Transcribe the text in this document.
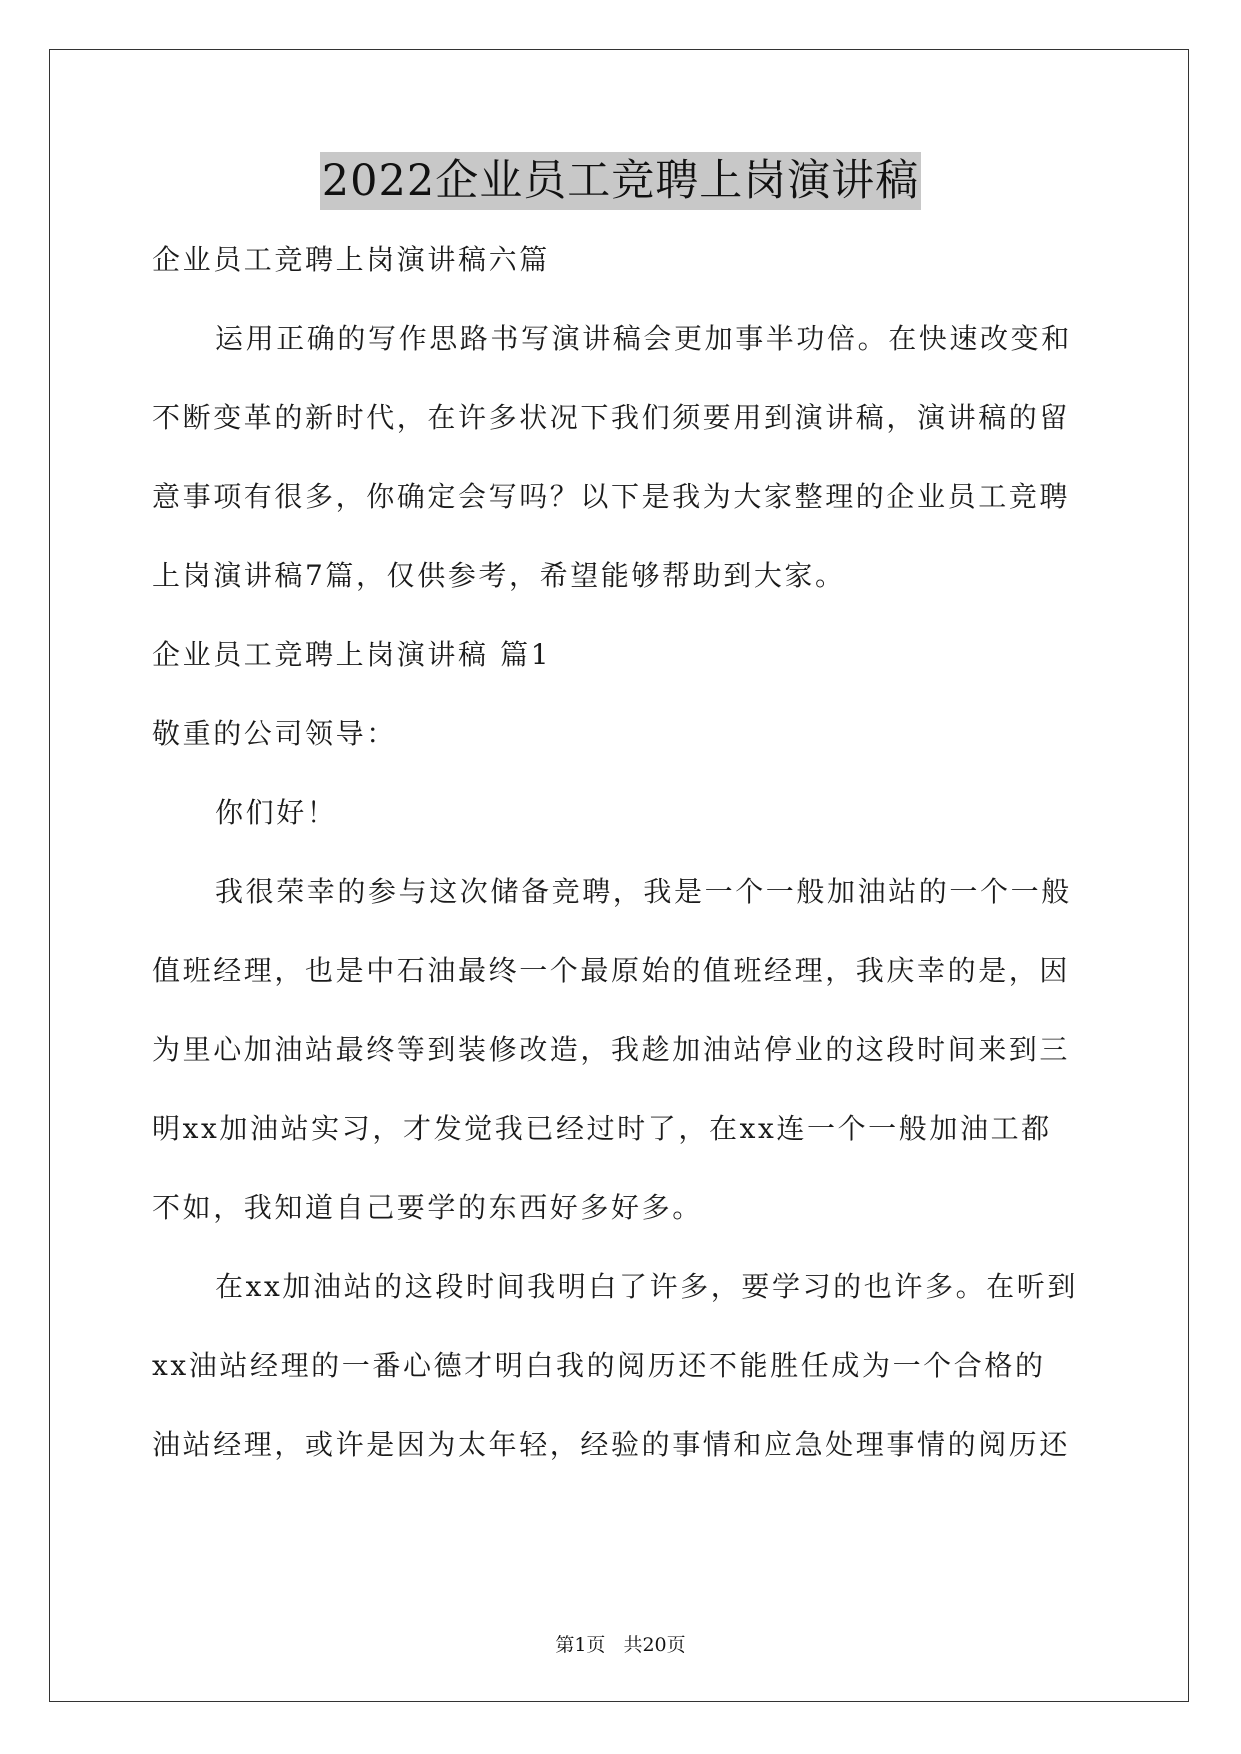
2022企业员工竞聘上岗演讲稿
企业员工竞聘上岗演讲稿六篇
运用正确的写作思路书写演讲稿会更加事半功倍。在快速改变和
不断变革的新时代，在许多状况下我们须要用到演讲稿，演讲稿的留
意事项有很多，你确定会写吗？以下是我为大家整理的企业员工竞聘
上岗演讲稿7篇，仅供参考，希望能够帮助到大家。
企业员工竞聘上岗演讲稿 篇1
敬重的公司领导：
你们好！
我很荣幸的参与这次储备竞聘，我是一个一般加油站的一个一般
值班经理，也是中石油最终一个最原始的值班经理，我庆幸的是，因
为里心加油站最终等到装修改造，我趁加油站停业的这段时间来到三
明xx加油站实习，才发觉我已经过时了，在xx连一个一般加油工都
不如，我知道自己要学的东西好多好多。
在xx加油站的这段时间我明白了许多，要学习的也许多。在听到
xx油站经理的一番心德才明白我的阅历还不能胜任成为一个合格的
油站经理，或许是因为太年轻，经验的事情和应急处理事情的阅历还
第1页 共20页
